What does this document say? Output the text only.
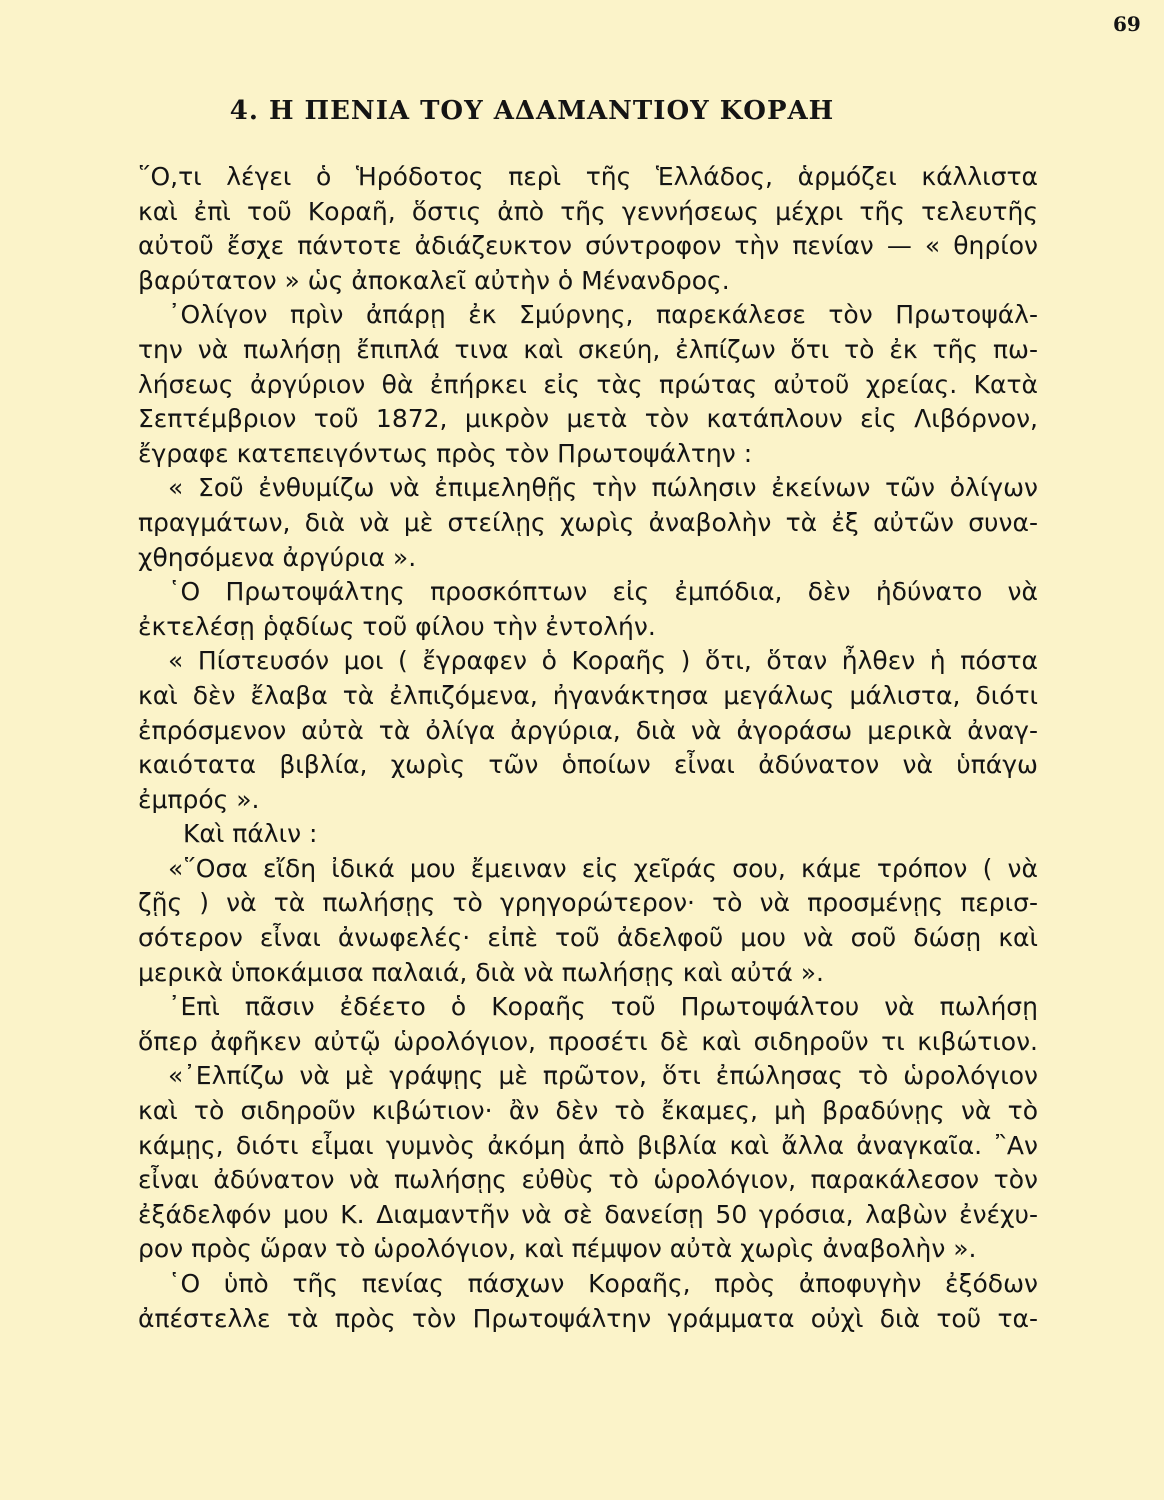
69
4. Η ΠΕΝΙΑ ΤΟΥ ΑΔΑΜΑΝΤΙΟΥ ΚΟΡΑΗ
῞Ο,τι λέγει ὁ Ἡρόδοτος περὶ τῆς Ἑλλάδος, ἁρμόζει κάλλιστα
καὶ ἐπὶ τοῦ Κοραῆ, ὅστις ἀπὸ τῆς γεννήσεως μέχρι τῆς τελευτῆς
αὐτοῦ ἔσχε πάντοτε ἀδιάζευκτον σύντροφον τὴν πενίαν — « θηρίον
βαρύτατον » ὡς ἀποκαλεῖ αὐτὴν ὁ Μένανδρος.
᾿Ολίγον πρὶν ἀπάρῃ ἐκ Σμύρνης, παρεκάλεσε τὸν Πρωτοψάλ-
την νὰ πωλήσῃ ἔπιπλά τινα καὶ σκεύη, ἐλπίζων ὅτι τὸ ἐκ τῆς πω-
λήσεως ἀργύριον θὰ ἐπήρκει εἰς τὰς πρώτας αὐτοῦ χρείας. Κατὰ
Σεπτέμβριον τοῦ 1872, μικρὸν μετὰ τὸν κατάπλουν εἰς Λιβόρνον,
ἔγραφε κατεπειγόντως πρὸς τὸν Πρωτοψάλτην :
« Σοῦ ἐνθυμίζω νὰ ἐπιμεληθῇς τὴν πώλησιν ἐκείνων τῶν ὀλίγων
πραγμάτων, διὰ νὰ μὲ στείλῃς χωρὶς ἀναβολὴν τὰ ἐξ αὐτῶν συνα-
χθησόμενα ἀργύρια ».
῾Ο Πρωτοψάλτης προσκόπτων εἰς ἐμπόδια, δὲν ἠδύνατο νὰ
ἐκτελέσῃ ῥᾳδίως τοῦ φίλου τὴν ἐντολήν.
« Πίστευσόν μοι ( ἔγραφεν ὁ Κοραῆς ) ὅτι, ὅταν ἦλθεν ἡ πόστα
καὶ δὲν ἔλαβα τὰ ἐλπιζόμενα, ἠγανάκτησα μεγάλως μάλιστα, διότι
ἐπρόσμενον αὐτὰ τὰ ὀλίγα ἀργύρια, διὰ νὰ ἀγοράσω μερικὰ ἀναγ-
καιότατα βιβλία, χωρὶς τῶν ὁποίων εἶναι ἀδύνατον νὰ ὑπάγω
ἐμπρός ».
Καὶ πάλιν :
«῞Οσα εἴδη ἰδικά μου ἔμειναν εἰς χεῖράς σου, κάμε τρόπον ( νὰ
ζῇς ) νὰ τὰ πωλήσῃς τὸ γρηγορώτερον· τὸ νὰ προσμένῃς περισ-
σότερον εἶναι ἀνωφελές· εἰπὲ τοῦ ἀδελφοῦ μου νὰ σοῦ δώσῃ καὶ
μερικὰ ὑποκάμισα παλαιά, διὰ νὰ πωλήσῃς καὶ αὐτά ».
᾿Επὶ πᾶσιν ἐδέετο ὁ Κοραῆς τοῦ Πρωτοψάλτου νὰ πωλήσῃ
ὅπερ ἀφῆκεν αὐτῷ ὡρολόγιον, προσέτι δὲ καὶ σιδηροῦν τι κιβώτιον.
«᾿Ελπίζω νὰ μὲ γράψῃς μὲ πρῶτον, ὅτι ἐπώλησας τὸ ὡρολόγιον
καὶ τὸ σιδηροῦν κιβώτιον· ἂν δὲν τὸ ἔκαμες, μὴ βραδύνῃς νὰ τὸ
κάμῃς, διότι εἶμαι γυμνὸς ἀκόμη ἀπὸ βιβλία καὶ ἄλλα ἀναγκαῖα. ῍Αν
εἶναι ἀδύνατον νὰ πωλήσῃς εὐθὺς τὸ ὡρολόγιον, παρακάλεσον τὸν
ἐξάδελφόν μου Κ. Διαμαντῆν νὰ σὲ δανείσῃ 50 γρόσια, λαβὼν ἐνέχυ-
ρον πρὸς ὥραν τὸ ὡρολόγιον, καὶ πέμψον αὐτὰ χωρὶς ἀναβολὴν ».
῾Ο ὑπὸ τῆς πενίας πάσχων Κοραῆς, πρὸς ἀποφυγὴν ἐξόδων
ἀπέστελλε τὰ πρὸς τὸν Πρωτοψάλτην γράμματα οὐχὶ διὰ τοῦ τα-
